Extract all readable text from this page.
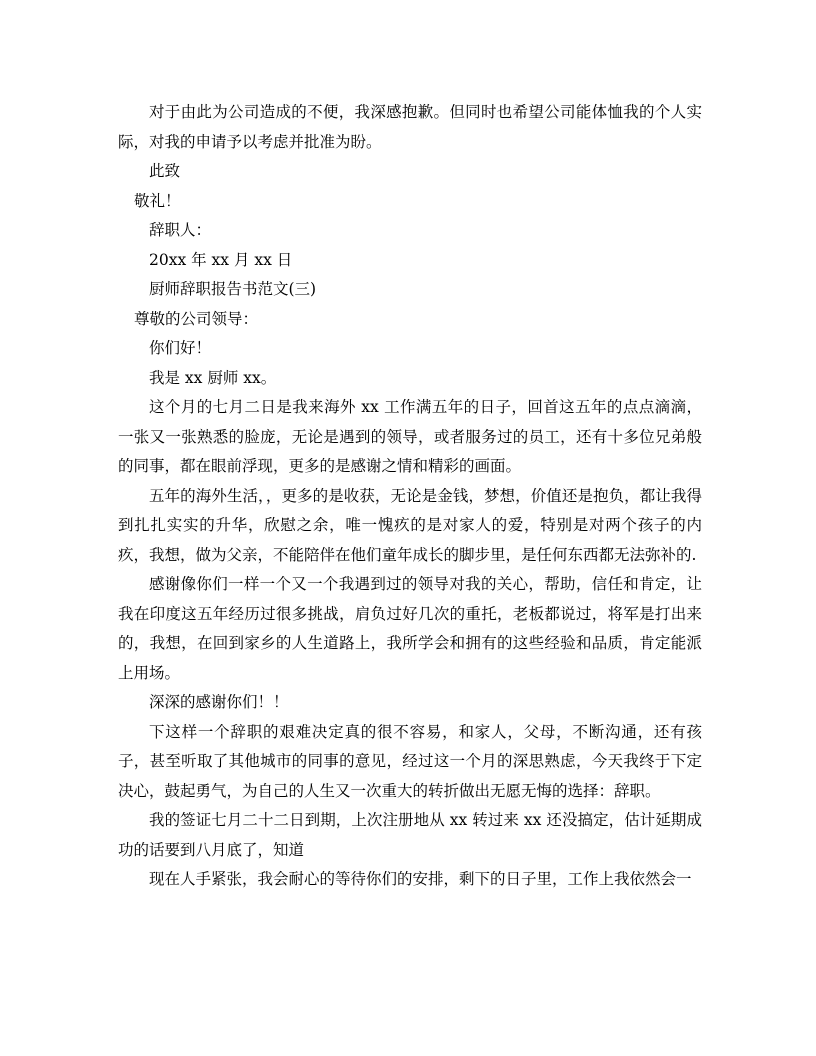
对于由此为公司造成的不便，我深感抱歉。但同时也希望公司能体恤我的个人实际，对我的申请予以考虑并批准为盼。

此致

敬礼！

辞职人：

20xx 年 xx 月 xx 日

厨师辞职报告书范文(三)

尊敬的公司领导：

你们好！

我是 xx 厨师 xx。

这个月的七月二日是我来海外 xx 工作满五年的日子，回首这五年的点点滴滴，一张又一张熟悉的脸庞，无论是遇到的领导，或者服务过的员工，还有十多位兄弟般的同事，都在眼前浮现，更多的是感谢之情和精彩的画面。

五年的海外生活，，更多的是收获，无论是金钱，梦想，价值还是抱负，都让我得到扎扎实实的升华，欣慰之余，唯一愧疚的是对家人的爱，特别是对两个孩子的内疚，我想，做为父亲，不能陪伴在他们童年成长的脚步里，是任何东西都无法弥补的.

感谢像你们一样一个又一个我遇到过的领导对我的关心，帮助，信任和肯定，让我在印度这五年经历过很多挑战，肩负过好几次的重托，老板都说过，将军是打出来的，我想，在回到家乡的人生道路上，我所学会和拥有的这些经验和品质，肯定能派上用场。

深深的感谢你们！！

下这样一个辞职的艰难决定真的很不容易，和家人，父母，不断沟通，还有孩子，甚至听取了其他城市的同事的意见，经过这一个月的深思熟虑，今天我终于下定决心，鼓起勇气，为自己的人生又一次重大的转折做出无愿无悔的选择：辞职。

我的签证七月二十二日到期，上次注册地从 xx 转过来 xx 还没搞定，估计延期成功的话要到八月底了，知道

现在人手紧张，我会耐心的等待你们的安排，剩下的日子里，工作上我依然会一
